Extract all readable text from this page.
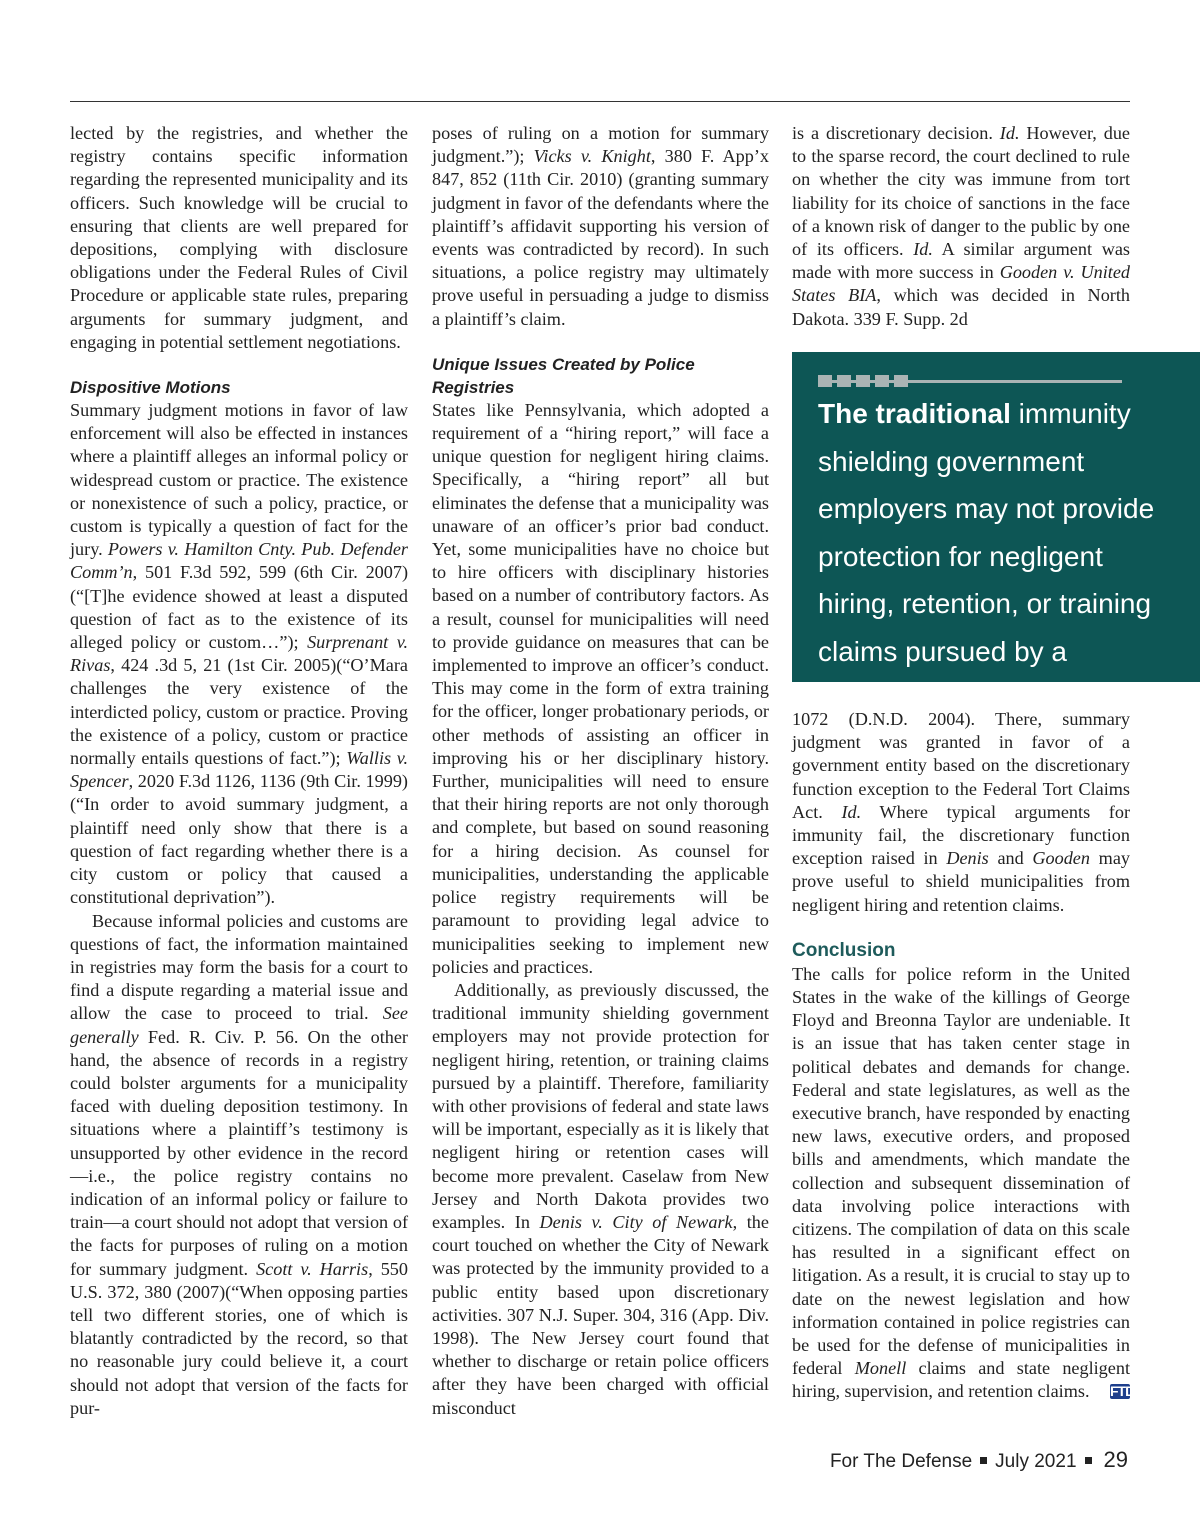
lected by the registries, and whether the registry contains specific information regarding the represented municipality and its officers. Such knowledge will be crucial to ensuring that clients are well prepared for depositions, complying with disclosure obligations under the Federal Rules of Civil Procedure or applicable state rules, preparing arguments for summary judgment, and engaging in potential settlement negotiations.

Dispositive Motions

Summary judgment motions in favor of law enforcement will also be effected in instances where a plaintiff alleges an informal policy or widespread custom or practice. The existence or nonexistence of such a policy, practice, or custom is typically a question of fact for the jury. Powers v. Hamilton Cnty. Pub. Defender Comm’n, 501 F.3d 592, 599 (6th Cir. 2007)(“[T]he evidence showed at least a disputed question of fact as to the existence of its alleged policy or custom…”); Surprenant v. Rivas, 424 .3d 5, 21 (1st Cir. 2005)(“O’Mara challenges the very existence of the interdicted policy, custom or practice. Proving the existence of a policy, custom or practice normally entails questions of fact.”); Wallis v. Spencer, 2020 F.3d 1126, 1136 (9th Cir. 1999)(“In order to avoid summary judgment, a plaintiff need only show that there is a question of fact regarding whether there is a city custom or policy that caused a constitutional deprivation”).

Because informal policies and customs are questions of fact, the information maintained in registries may form the basis for a court to find a dispute regarding a material issue and allow the case to proceed to trial. See generally Fed. R. Civ. P. 56. On the other hand, the absence of records in a registry could bolster arguments for a municipality faced with dueling deposition testimony. In situations where a plaintiff’s testimony is unsupported by other evidence in the record—i.e., the police registry contains no indication of an informal policy or failure to train—a court should not adopt that version of the facts for purposes of ruling on a motion for summary judgment. Scott v. Harris, 550 U.S. 372, 380 (2007)(“When opposing parties tell two different stories, one of which is blatantly contradicted by the record, so that no reasonable jury could believe it, a court should not adopt that version of the facts for pur-

poses of ruling on a motion for summary judgment.”); Vicks v. Knight, 380 F. App’x 847, 852 (11th Cir. 2010) (granting summary judgment in favor of the defendants where the plaintiff’s affidavit supporting his version of events was contradicted by record). In such situations, a police registry may ultimately prove useful in persuading a judge to dismiss a plaintiff’s claim.

Unique Issues Created by Police Registries

States like Pennsylvania, which adopted a requirement of a “hiring report,” will face a unique question for negligent hiring claims. Specifically, a “hiring report” all but eliminates the defense that a municipality was unaware of an officer’s prior bad conduct. Yet, some municipalities have no choice but to hire officers with disciplinary histories based on a number of contributory factors. As a result, counsel for municipalities will need to provide guidance on measures that can be implemented to improve an officer’s conduct. This may come in the form of extra training for the officer, longer probationary periods, or other methods of assisting an officer in improving his or her disciplinary history. Further, municipalities will need to ensure that their hiring reports are not only thorough and complete, but based on sound reasoning for a hiring decision. As counsel for municipalities, understanding the applicable police registry requirements will be paramount to providing legal advice to municipalities seeking to implement new policies and practices.

Additionally, as previously discussed, the traditional immunity shielding government employers may not provide protection for negligent hiring, retention, or training claims pursued by a plaintiff. Therefore, familiarity with other provisions of federal and state laws will be important, especially as it is likely that negligent hiring or retention cases will become more prevalent. Caselaw from New Jersey and North Dakota provides two examples. In Denis v. City of Newark, the court touched on whether the City of Newark was protected by the immunity provided to a public entity based upon discretionary activities. 307 N.J. Super. 304, 316 (App. Div. 1998). The New Jersey court found that whether to discharge or retain police officers after they have been charged with official misconduct

is a discretionary decision. Id. However, due to the sparse record, the court declined to rule on whether the city was immune from tort liability for its choice of sanctions in the face of a known risk of danger to the public by one of its officers. Id. A similar argument was made with more success in Gooden v. United States BIA, which was decided in North Dakota. 339 F. Supp. 2d

The traditional immunity shielding government employers may not provide protection for negligent hiring, retention, or training claims pursued by a plaintiff.

1072 (D.N.D. 2004). There, summary judgment was granted in favor of a government entity based on the discretionary function exception to the Federal Tort Claims Act. Id. Where typical arguments for immunity fail, the discretionary function exception raised in Denis and Gooden may prove useful to shield municipalities from negligent hiring and retention claims.

Conclusion

The calls for police reform in the United States in the wake of the killings of George Floyd and Breonna Taylor are undeniable. It is an issue that has taken center stage in political debates and demands for change. Federal and state legislatures, as well as the executive branch, have responded by enacting new laws, executive orders, and proposed bills and amendments, which mandate the collection and subsequent dissemination of data involving police interactions with citizens. The compilation of data on this scale has resulted in a significant effect on litigation. As a result, it is crucial to stay up to date on the newest legislation and how information contained in police registries can be used for the defense of municipalities in federal Monell claims and state negligent hiring, supervision, and retention claims. FTD

For The Defense July 2021 29
